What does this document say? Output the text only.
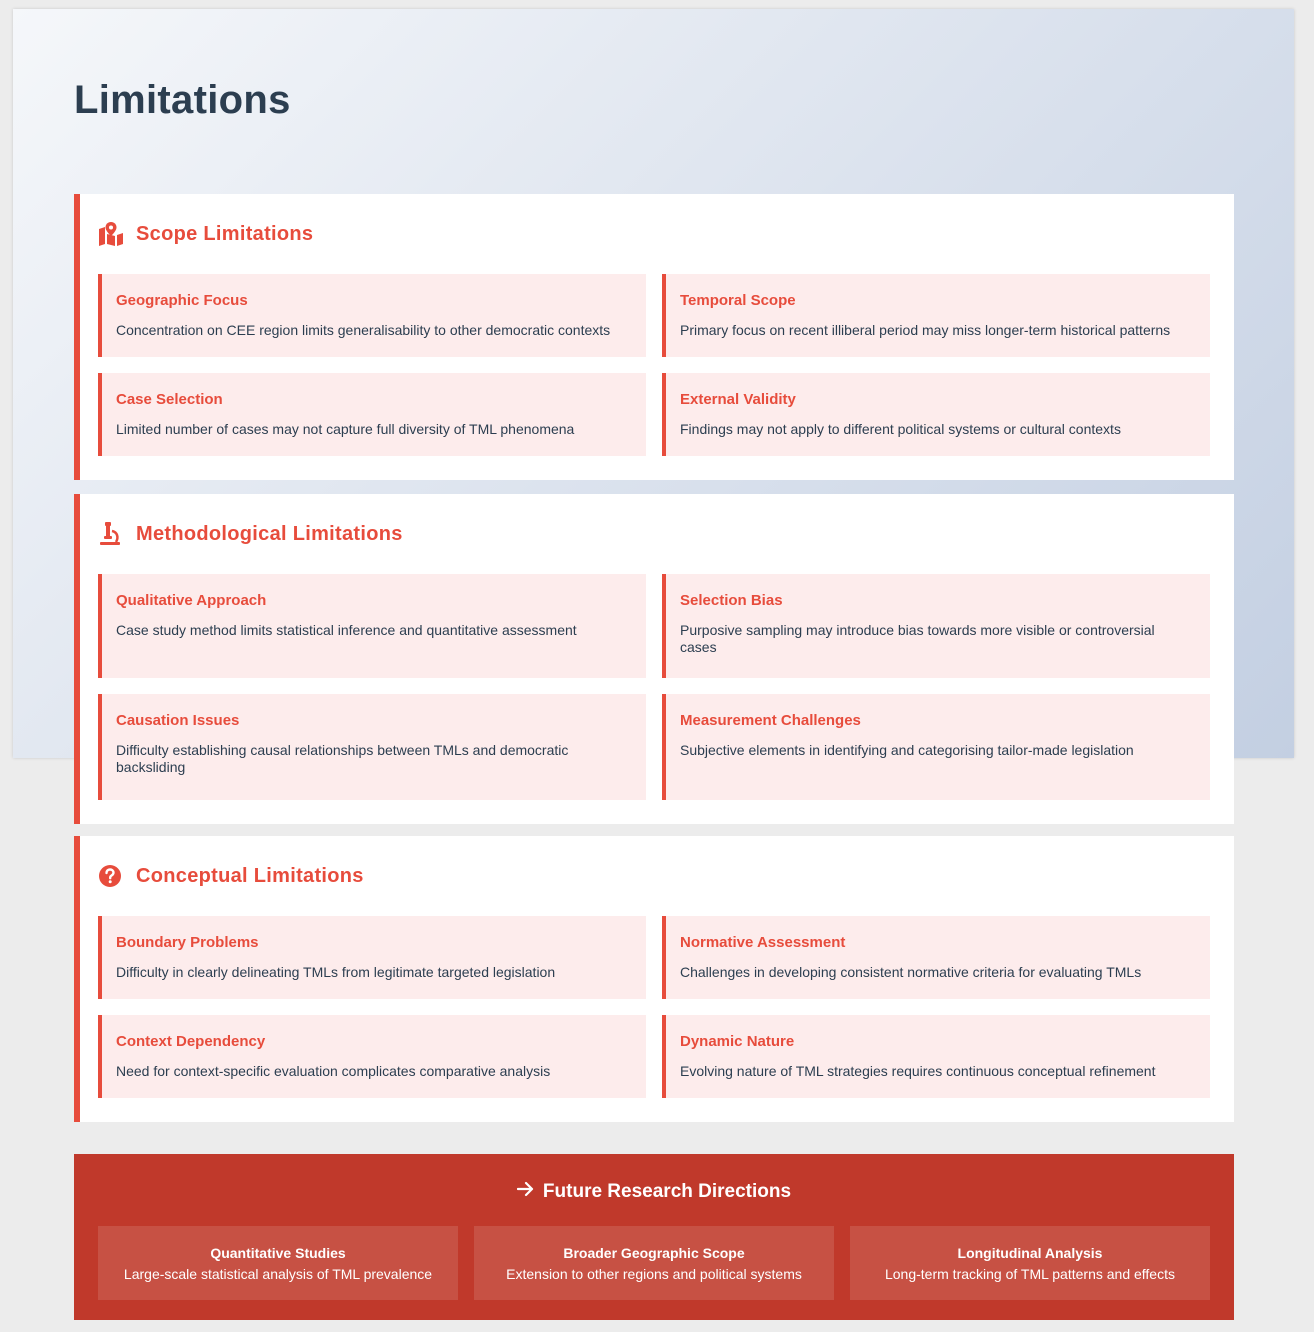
Limitations
Scope Limitations
Geographic Focus

Concentration on CEE region limits generalisability to other democratic contexts

Temporal Scope

Primary focus on recent illiberal period may miss longer-term historical patterns

Case Selection

Limited number of cases may not capture full diversity of TML phenomena

External Validity

Findings may not apply to different political systems or cultural contexts

Methodological Limitations
Qualitative Approach

Case study method limits statistical inference and quantitative assessment

Selection Bias

Purposive sampling may introduce bias towards more visible or controversial cases

Causation Issues

Difficulty establishing causal relationships between TMLs and democratic backsliding

Measurement Challenges

Subjective elements in identifying and categorising tailor-made legislation

Conceptual Limitations
Boundary Problems

Difficulty in clearly delineating TMLs from legitimate targeted legislation

Normative Assessment

Challenges in developing consistent normative criteria for evaluating TMLs

Context Dependency

Need for context-specific evaluation complicates comparative analysis

Dynamic Nature

Evolving nature of TML strategies requires continuous conceptual refinement

Future Research Directions
Quantitative Studies
Large-scale statistical analysis of TML prevalence
Broader Geographic Scope
Extension to other regions and political systems
Longitudinal Analysis
Long-term tracking of TML patterns and effects
